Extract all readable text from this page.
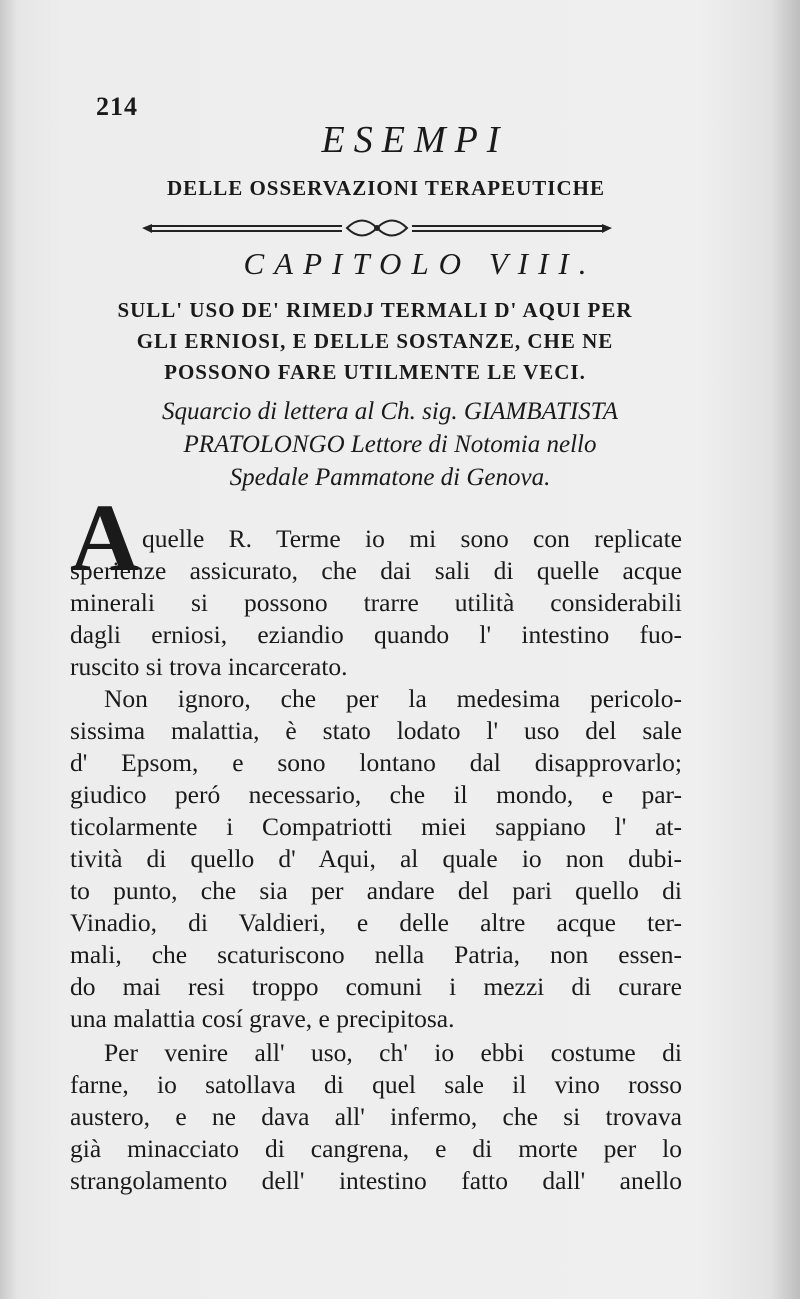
214
ESEMPI
DELLE OSSERVAZIONI TERAPEUTICHE
CAPITOLO VIII.
SULL' USO DE' RIMEDJ TERMALI D' AQUI PER
GLI ERNIOSI, E DELLE SOSTANZE, CHE NE
POSSONO FARE UTILMENTE LE VECI.
Squarcio di lettera al Ch. sig. GIAMBATISTA
PRATOLONGO Lettore di Notomia nello
Spedale Pammatone di Genova.
A quelle R. Terme io mi sono con replicate
sperienze assicurato, che dai sali di quelle acque
minerali si possono trarre utilità considerabili
dagli erniosi, eziandio quando l' intestino fuo-
ruscito si trova incarcerato.
Non ignoro, che per la medesima pericolo-
sissima malattia, è stato lodato l' uso del sale
d' Epsom, e sono lontano dal disapprovarlo;
giudico peró necessario, che il mondo, e par-
ticolarmente i Compatriotti miei sappiano l' at-
tività di quello d' Aqui, al quale io non dubi-
to punto, che sia per andare del pari quello di
Vinadio, di Valdieri, e delle altre acque ter-
mali, che scaturiscono nella Patria, non essen-
do mai resi troppo comuni i mezzi di curare
una malattia cosí grave, e precipitosa.
Per venire all' uso, ch' io ebbi costume di
farne, io satollava di quel sale il vino rosso
austero, e ne dava all' infermo, che si trovava
già minacciato di cangrena, e di morte per lo
strangolamento dell' intestino fatto dall' anello
